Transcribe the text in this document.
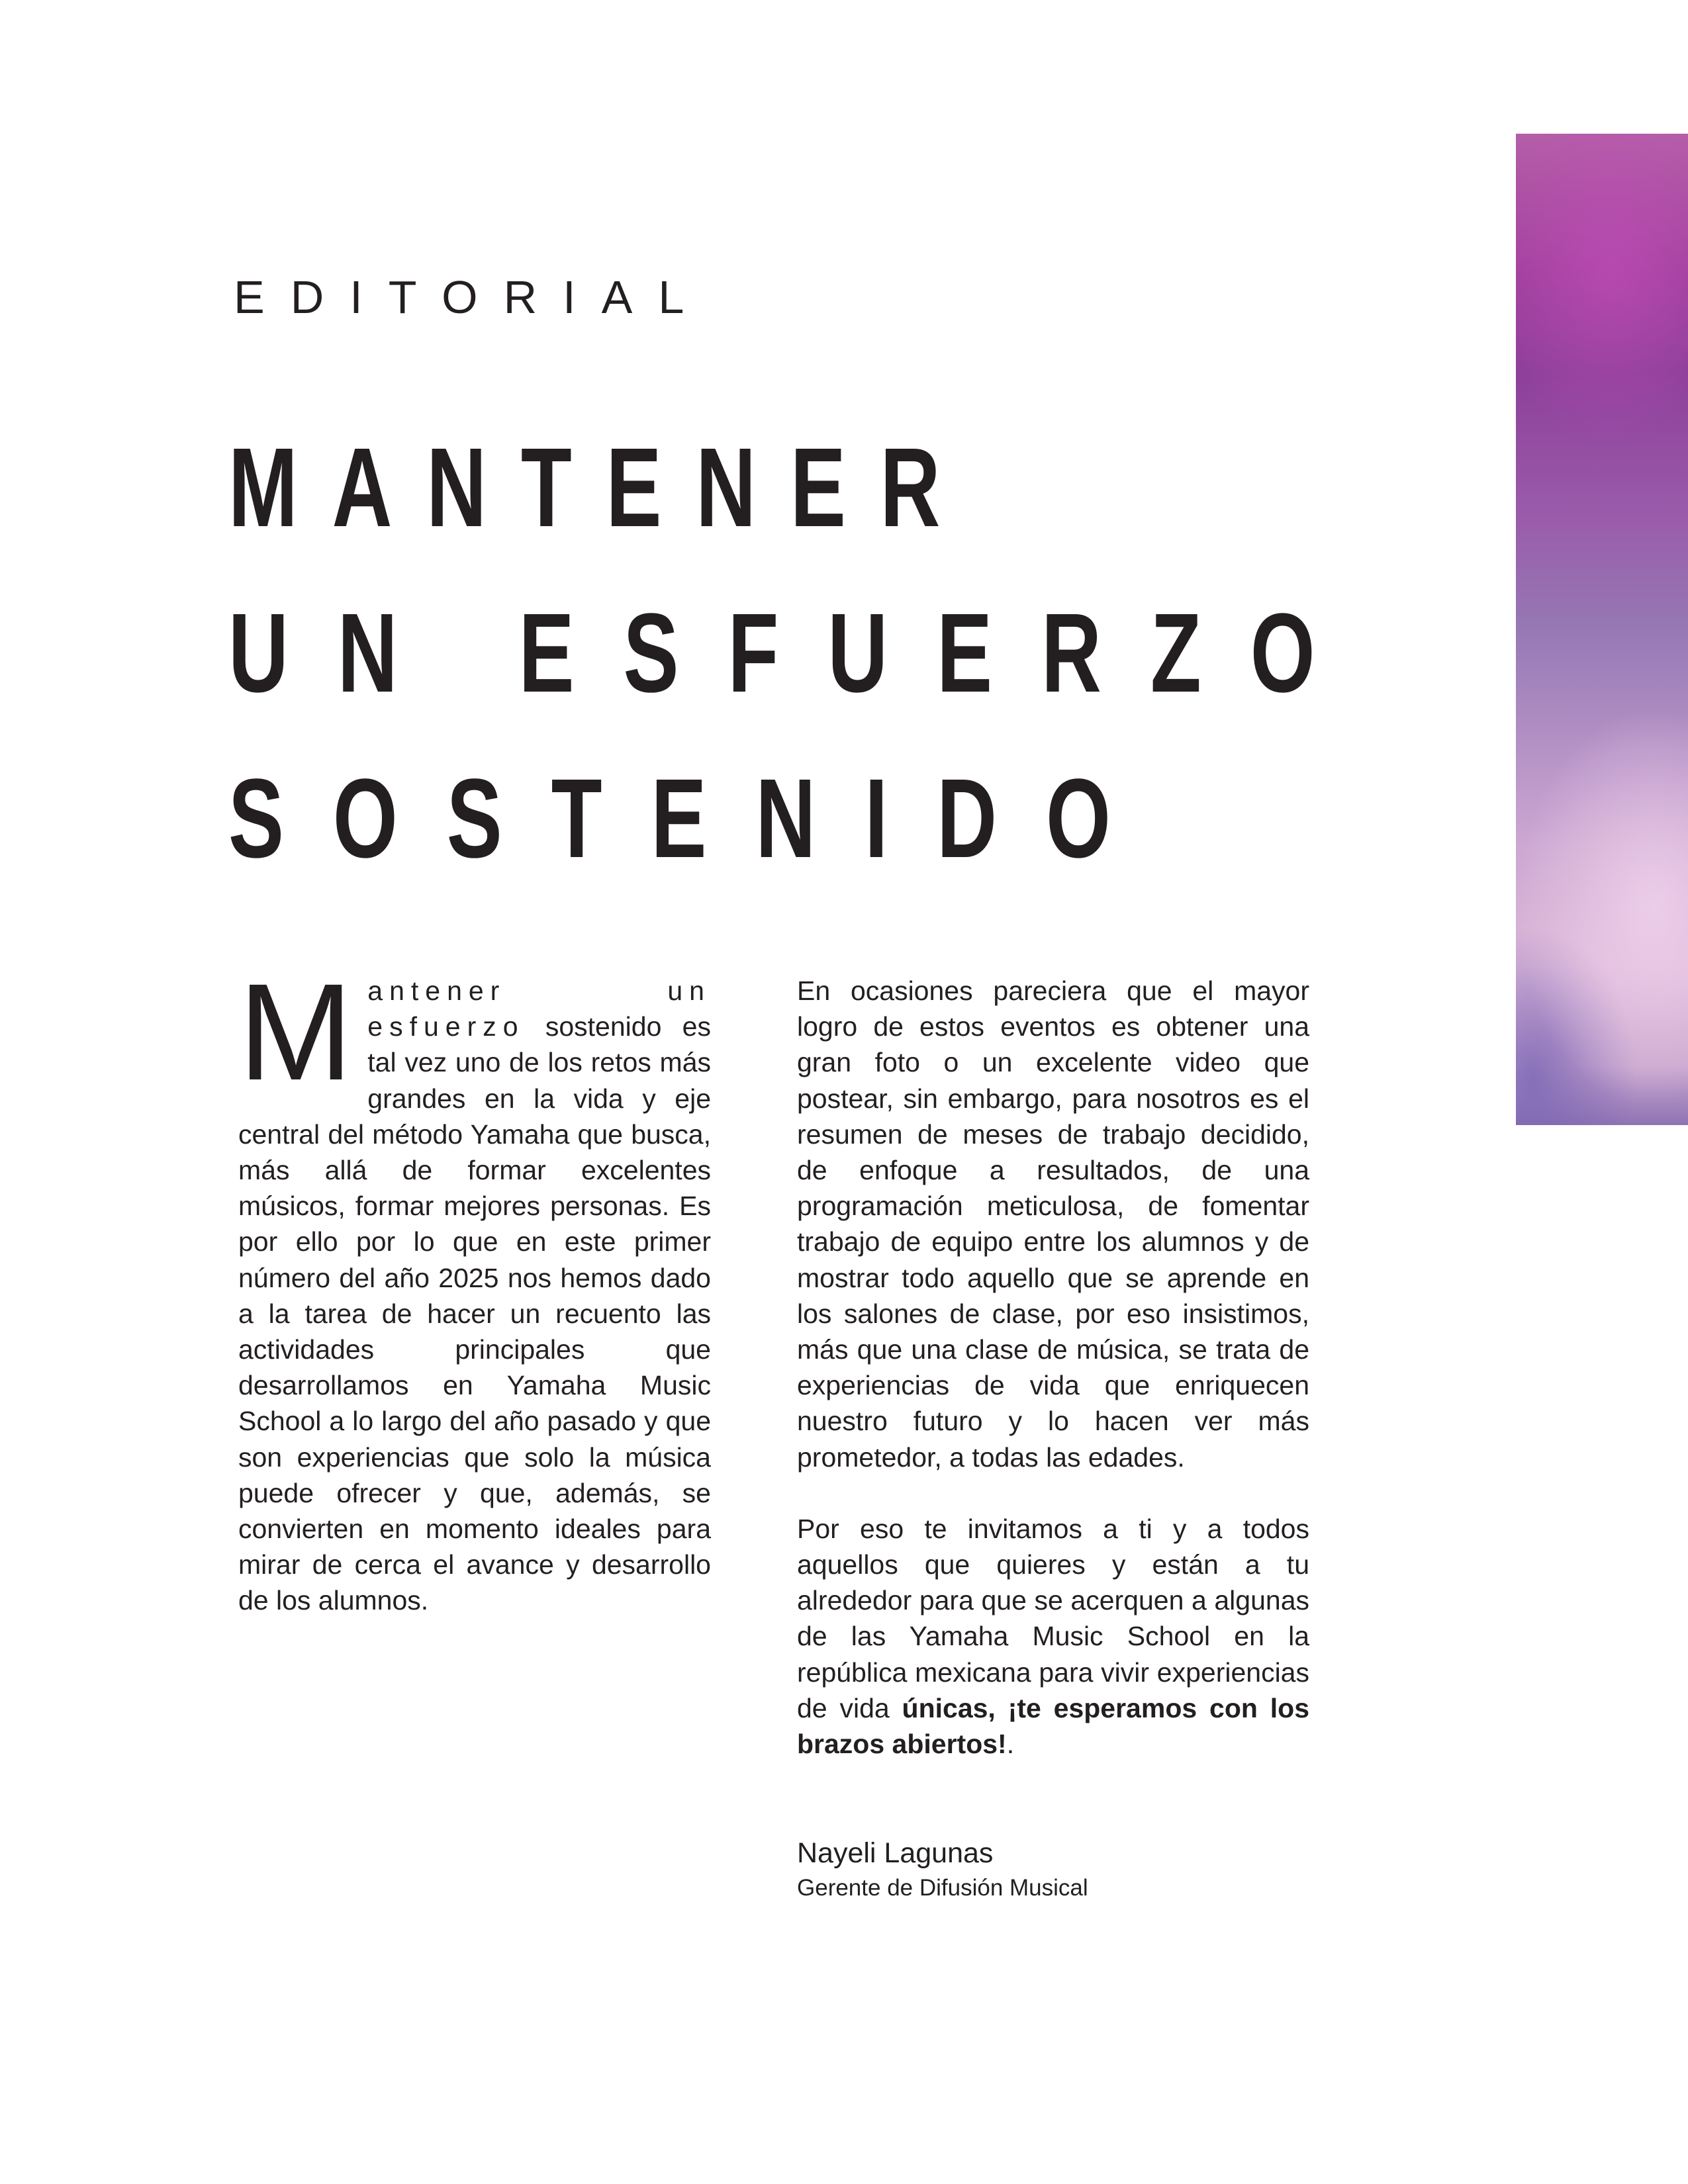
EDITORIAL
MANTENER
UN ESFUERZO
SOSTENIDO

Mantener un esfuerzo sostenido es tal vez uno de los retos más grandes en la vida y eje central del método Yamaha que busca, más allá de formar excelentes músicos, formar mejores personas. Es por ello por lo que en este primer número del año 2025 nos hemos dado a la tarea de hacer un recuento las actividades principales que desarrollamos en Yamaha Music School a lo largo del año pasado y que son experiencias que solo la música puede ofrecer y que, además, se convierten en momento ideales para mirar de cerca el avance y desarrollo de los alumnos.

En ocasiones pareciera que el mayor logro de estos eventos es obtener una gran foto o un excelente video que postear, sin embargo, para nosotros es el resumen de meses de trabajo decidido, de enfoque a resultados, de una programación meticulosa, de fomentar trabajo de equipo entre los alumnos y de mostrar todo aquello que se aprende en los salones de clase, por eso insistimos, más que una clase de música, se trata de experiencias de vida que enriquecen nuestro futuro y lo hacen ver más prometedor, a todas las edades.

Por eso te invitamos a ti y a todos aquellos que quieres y están a tu alrededor para que se acerquen a algunas de las Yamaha Music School en la república mexicana para vivir experiencias de vida únicas, ¡te esperamos con los brazos abiertos!.

Nayeli Lagunas
Gerente de Difusión Musical
